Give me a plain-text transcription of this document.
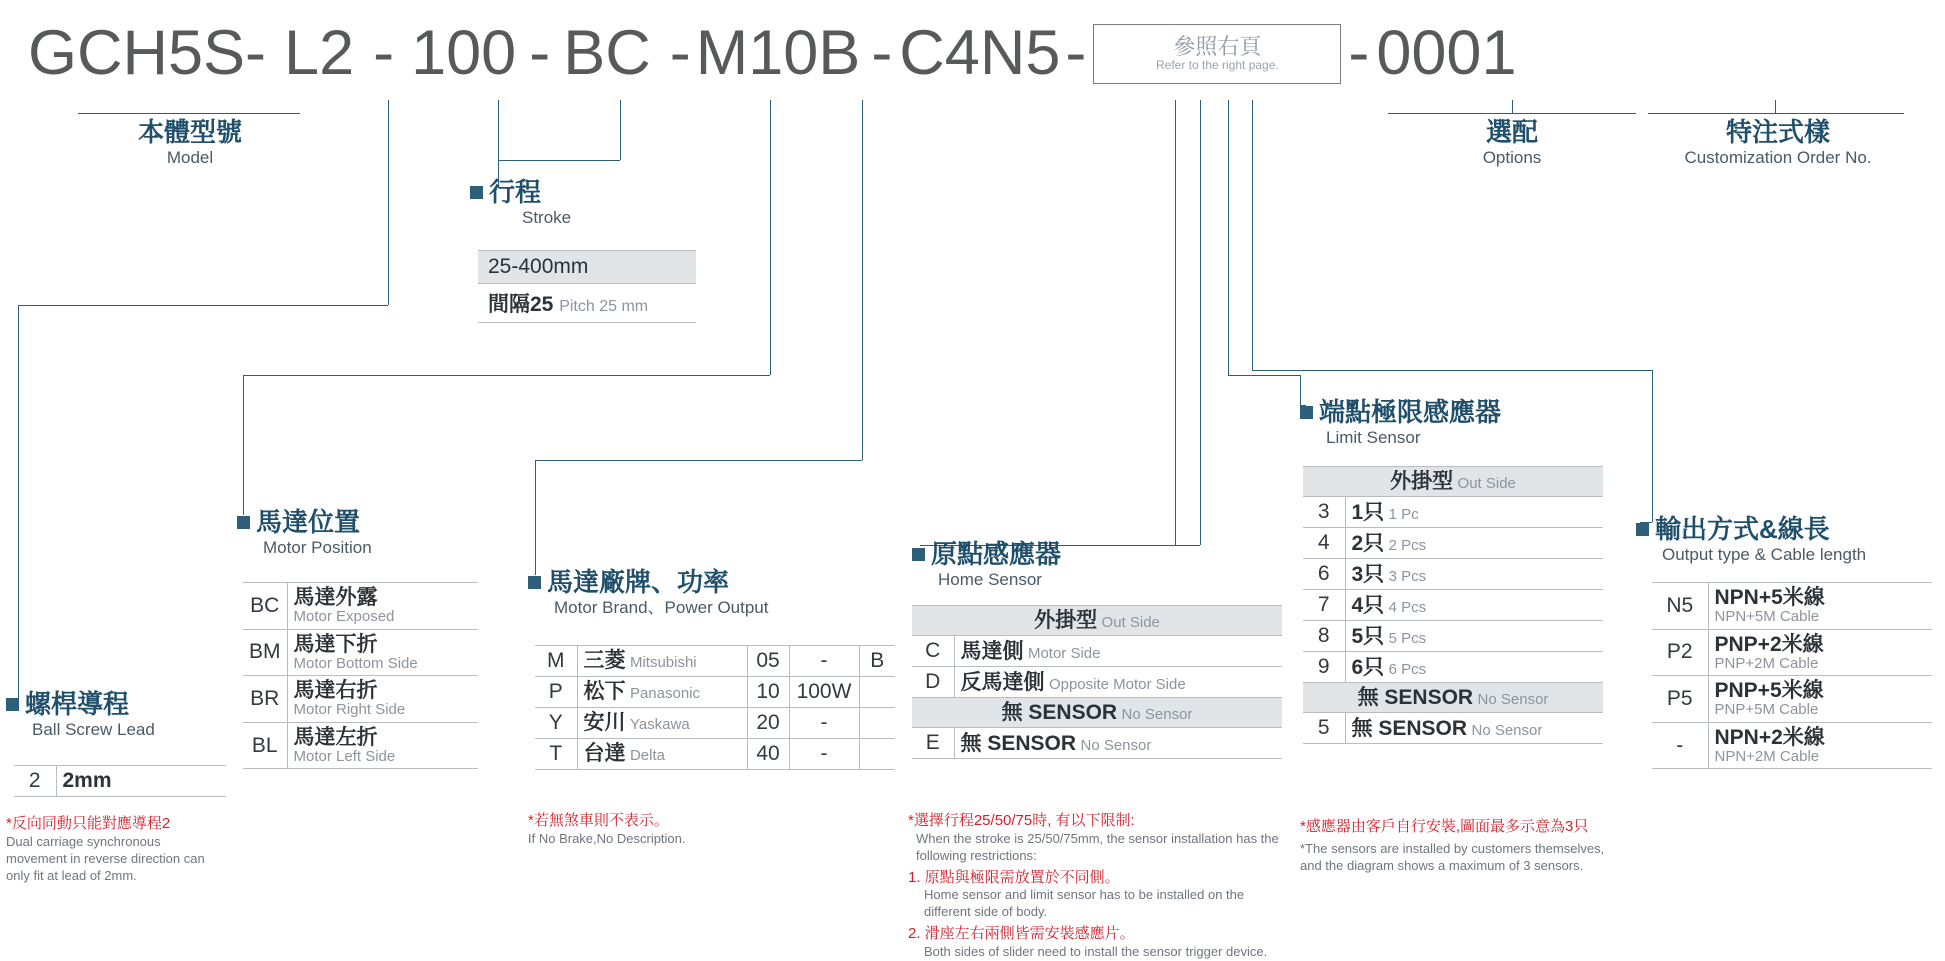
GCH5S- L2 - 100 - BC - M10B - C4N5 -	參照右頁
Refer to the right page. - 0001
本體型號
Model
行程
Stroke
25-400mm
間隔25 Pitch 25 mm
選配
Options
特注式樣
Customization Order No.
螺桿導程
Ball Screw Lead
2	2mm
*反向同動只能對應導程2
Dual carriage synchronous movement in reverse direction can only fit at lead of 2mm.
馬達位置
Motor Position
BC	馬達外露
Motor Exposed

BM	馬達下折
Motor Bottom Side

BR	馬達右折
Motor Right Side

BL	馬達左折
Motor Left Side
馬達廠牌、功率
Motor Brand、Power Output
M	三菱 Mitsubishi	05	-	B
P	松下 Panasonic	10	100W	
Y	安川 Yaskawa	20	-	
T	台達 Delta	40	-	
*若無煞車則不表示。
If No Brake,No Description.
原點感應器
Home Sensor
外掛型 Out Side	
C	馬達側 Motor Side
D	反馬達側 Opposite Motor Side
無 SENSOR No Sensor	
E	無 SENSOR No Sensor
*選擇行程25/50/75時, 有以下限制:
When the stroke is 25/50/75mm, the sensor installation has the following restrictions:
1. 原點與極限需放置於不同側。
Home sensor and limit sensor has to be installed on the different side of body.
2. 滑座左右兩側皆需安裝感應片。
Both sides of slider need to install the sensor trigger device.
端點極限感應器
Limit Sensor
外掛型 Out Side	
3	1只 1 Pc
4	2只 2 Pcs
6	3只 3 Pcs
7	4只 4 Pcs
8	5只 5 Pcs
9	6只 6 Pcs
無 SENSOR No Sensor	
5	無 SENSOR No Sensor
*感應器由客戶自行安裝,圖面最多示意為3只
*The sensors are installed by customers themselves, and the diagram shows a maximum of 3 sensors.
輸出方式&線長
Output type & Cable length
N5	NPN+5米線
NPN+5M Cable

P2	PNP+2米線
PNP+2M Cable

P5	PNP+5米線
PNP+5M Cable

-	NPN+2米線
NPN+2M Cable
